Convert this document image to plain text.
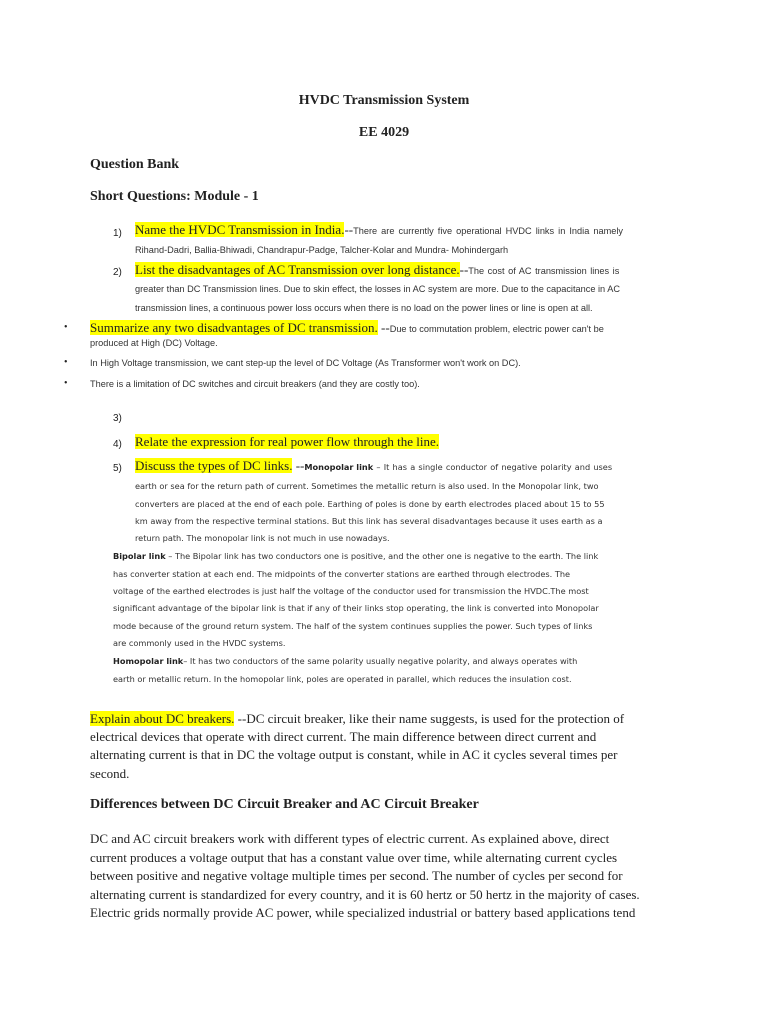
HVDC Transmission System
EE 4029
Question Bank
Short Questions: Module - 1
1) Name the HVDC Transmission in India.--There are currently five operational HVDC links in India namely
Rihand-Dadri, Ballia-Bhiwadi, Chandrapur-Padge, Talcher-Kolar and Mundra- Mohindergarh
2) List the disadvantages of AC Transmission over long distance.--The cost of AC transmission lines is
greater than DC Transmission lines. Due to skin effect, the losses in AC system are more. Due to the capacitance in AC
transmission lines, a continuous power loss occurs when there is no load on the power lines or line is open at all.
• Summarize any two disadvantages of DC transmission. --Due to commutation problem, electric power can't be
produced at High (DC) Voltage.
• In High Voltage transmission, we cant step-up the level of DC Voltage (As Transformer won't work on DC).
• There is a limitation of DC switches and circuit breakers (and they are costly too).
3)
4) Relate the expression for real power flow through the line.
5) Discuss the types of DC links. --Monopolar link – It has a single conductor of negative polarity and uses
earth or sea for the return path of current. Sometimes the metallic return is also used. In the Monopolar link, two
converters are placed at the end of each pole. Earthing of poles is done by earth electrodes placed about 15 to 55
km away from the respective terminal stations. But this link has several disadvantages because it uses earth as a
return path. The monopolar link is not much in use nowadays.
Bipolar link – The Bipolar link has two conductors one is positive, and the other one is negative to the earth. The link
has converter station at each end. The midpoints of the converter stations are earthed through electrodes. The
voltage of the earthed electrodes is just half the voltage of the conductor used for transmission the HVDC.The most
significant advantage of the bipolar link is that if any of their links stop operating, the link is converted into Monopolar
mode because of the ground return system. The half of the system continues supplies the power. Such types of links
are commonly used in the HVDC systems.
Homopolar link– It has two conductors of the same polarity usually negative polarity, and always operates with
earth or metallic return. In the homopolar link, poles are operated in parallel, which reduces the insulation cost.
Explain about DC breakers. --DC circuit breaker, like their name suggests, is used for the protection of
electrical devices that operate with direct current. The main difference between direct current and
alternating current is that in DC the voltage output is constant, while in AC it cycles several times per
second.
Differences between DC Circuit Breaker and AC Circuit Breaker
DC and AC circuit breakers work with different types of electric current. As explained above, direct
current produces a voltage output that has a constant value over time, while alternating current cycles
between positive and negative voltage multiple times per second. The number of cycles per second for
alternating current is standardized for every country, and it is 60 hertz or 50 hertz in the majority of cases.
Electric grids normally provide AC power, while specialized industrial or battery based applications tend
